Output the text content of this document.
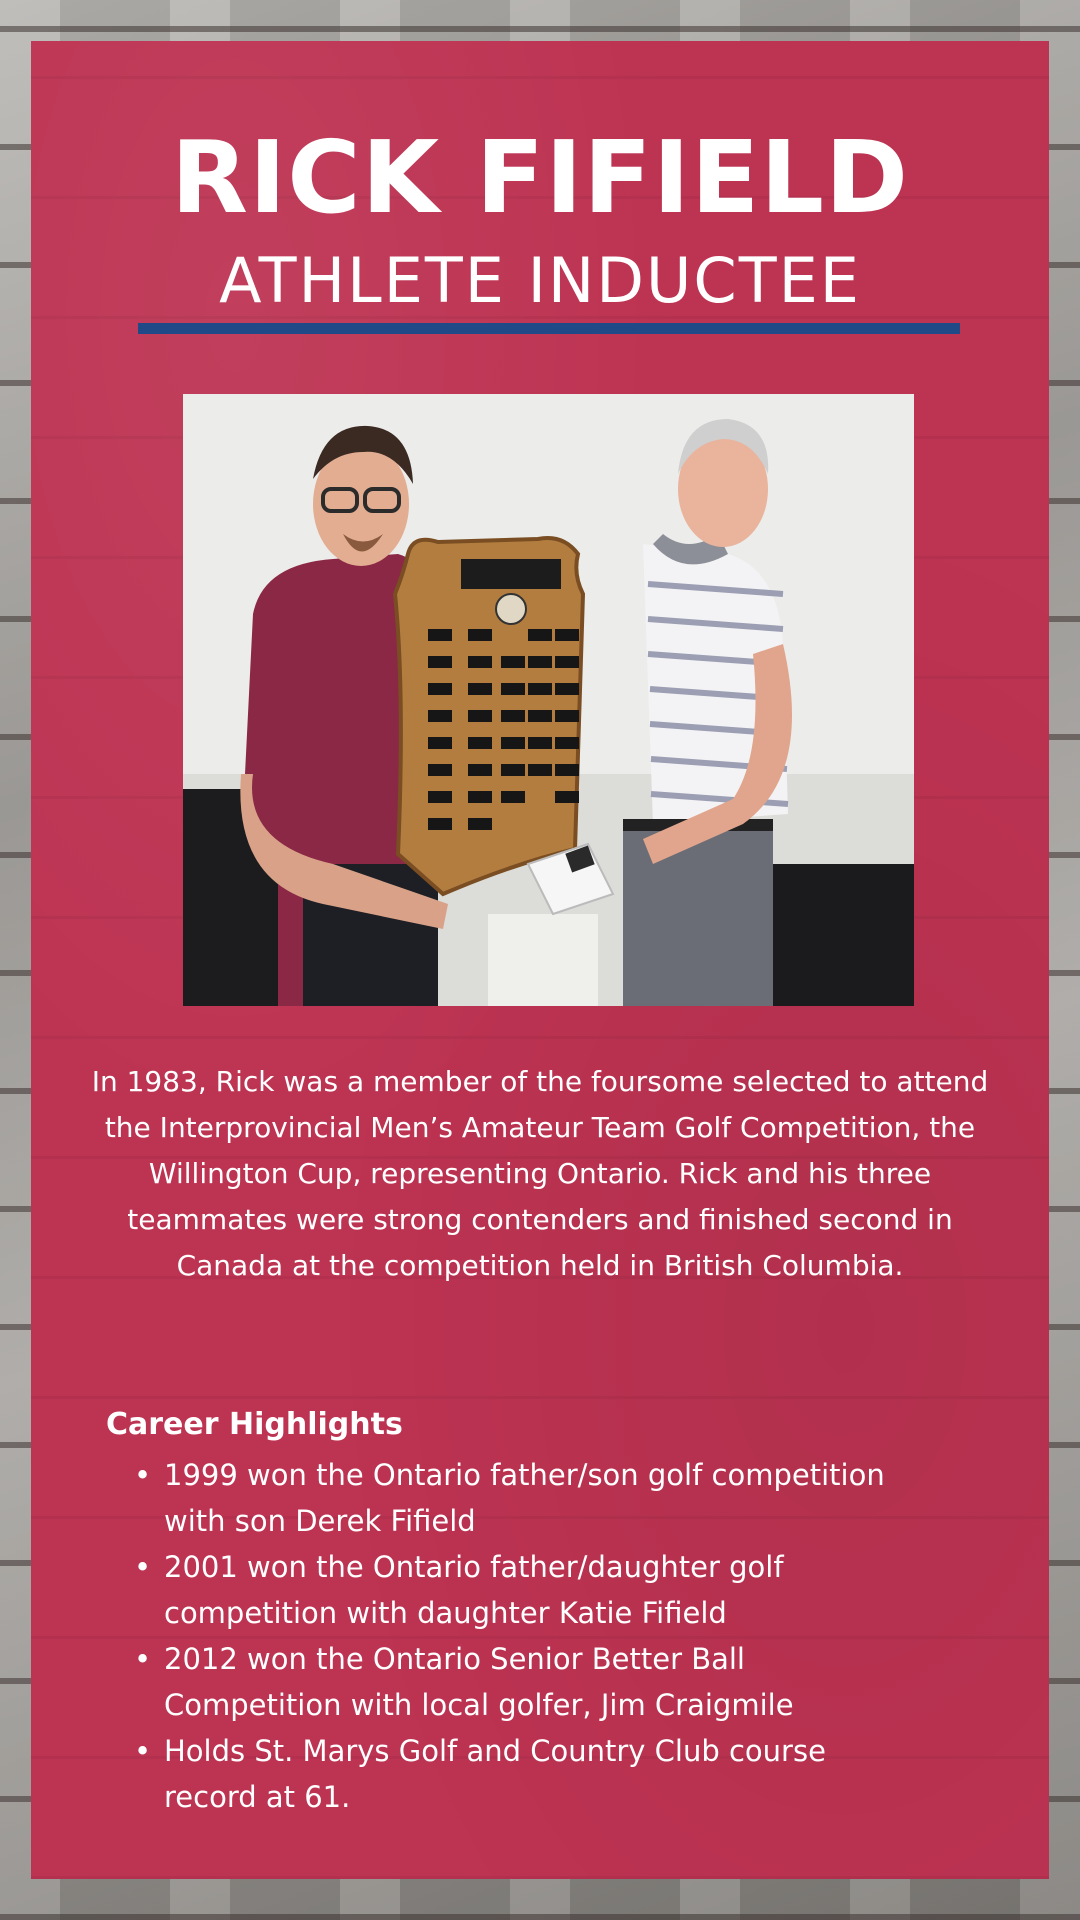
RICK FIFIELD
ATHLETE INDUCTEE

In 1983, Rick was a member of the foursome selected to attend the Interprovincial Men’s Amateur Team Golf Competition, the Willington Cup, representing Ontario. Rick and his three teammates were strong contenders and finished second in Canada at the competition held in British Columbia.

Career Highlights
• 1999 won the Ontario father/son golf competition with son Derek Fifield
• 2001 won the Ontario father/daughter golf competition with daughter Katie Fifield
• 2012 won the Ontario Senior Better Ball Competition with local golfer, Jim Craigmile
• Holds St. Marys Golf and Country Club course record at 61.
